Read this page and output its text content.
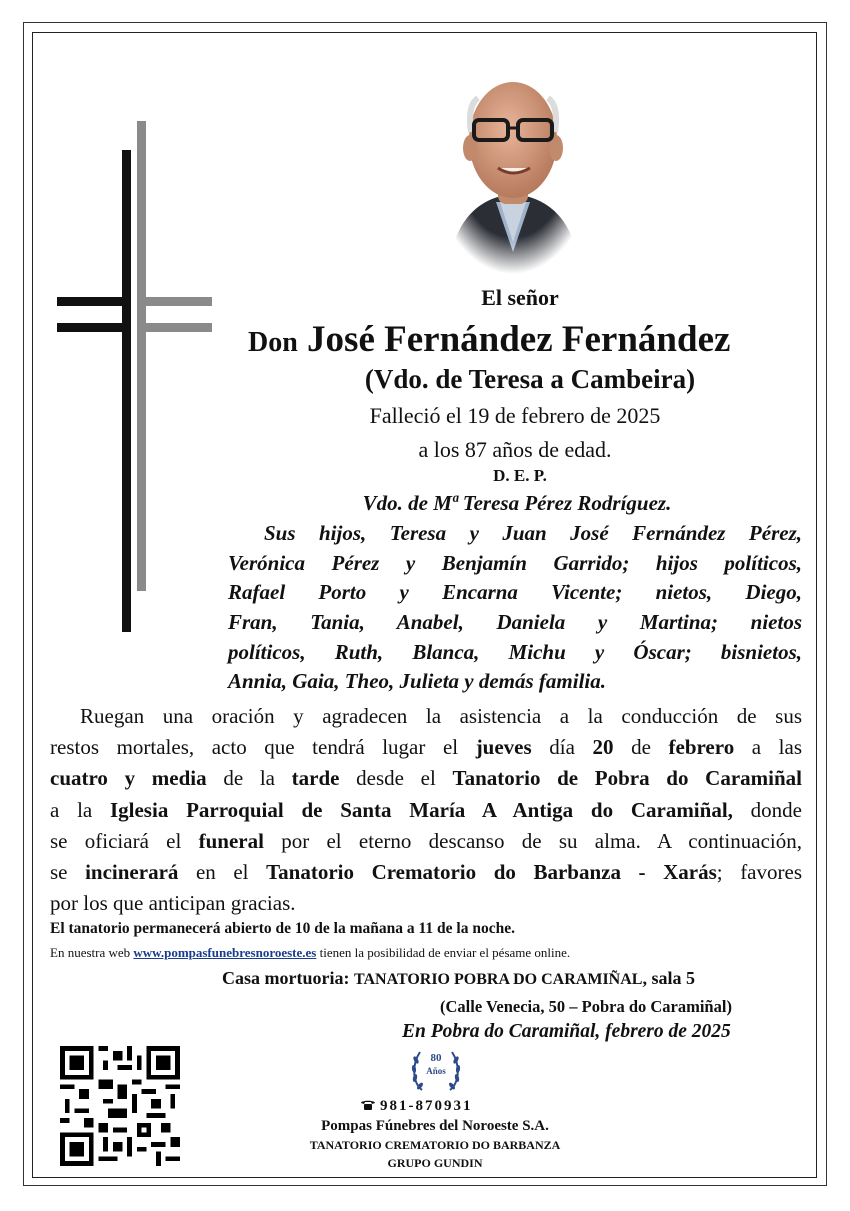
El señor

Don José Fernández Fernández

(Vdo. de Teresa a Cambeira)

Falleció el 19 de febrero de 2025

a los 87 años de edad.

D. E. P.

Vdo. de Mª Teresa Pérez Rodríguez.

Sus hijos, Teresa y Juan José Fernández Pérez,
Verónica Pérez y Benjamín Garrido; hijos políticos,
Rafael Porto y Encarna Vicente; nietos, Diego,
Fran, Tania, Anabel, Daniela y Martina; nietos
políticos, Ruth, Blanca, Michu y Óscar; bisnietos,
Annia, Gaia, Theo, Julieta y demás familia.
Ruegan una oración y agradecen la asistencia a la conducción de sus
restos mortales, acto que tendrá lugar el jueves día 20 de febrero a las
cuatro y media de la tarde desde el Tanatorio de Pobra do Caramiñal
a la Iglesia Parroquial de Santa María A Antiga do Caramiñal, donde
se oficiará el funeral por el eterno descanso de su alma. A continuación,
se incinerará en el Tanatorio Crematorio do Barbanza - Xarás; favores
por los que anticipan gracias.

El tanatorio permanecerá abierto de 10 de la mañana a 11 de la noche.

En nuestra web www.pompasfunebresnoroeste.es tienen la posibilidad de enviar el pésame online.

Casa mortuoria: TANATORIO POBRA DO CARAMIÑAL, sala 5

(Calle Venecia, 50 – Pobra do Caramiñal)

En Pobra do Caramiñal, febrero de 2025

80

Años

981-870931

Pompas Fúnebres del Noroeste S.A.

TANATORIO CREMATORIO DO BARBANZA

GRUPO GUNDIN
